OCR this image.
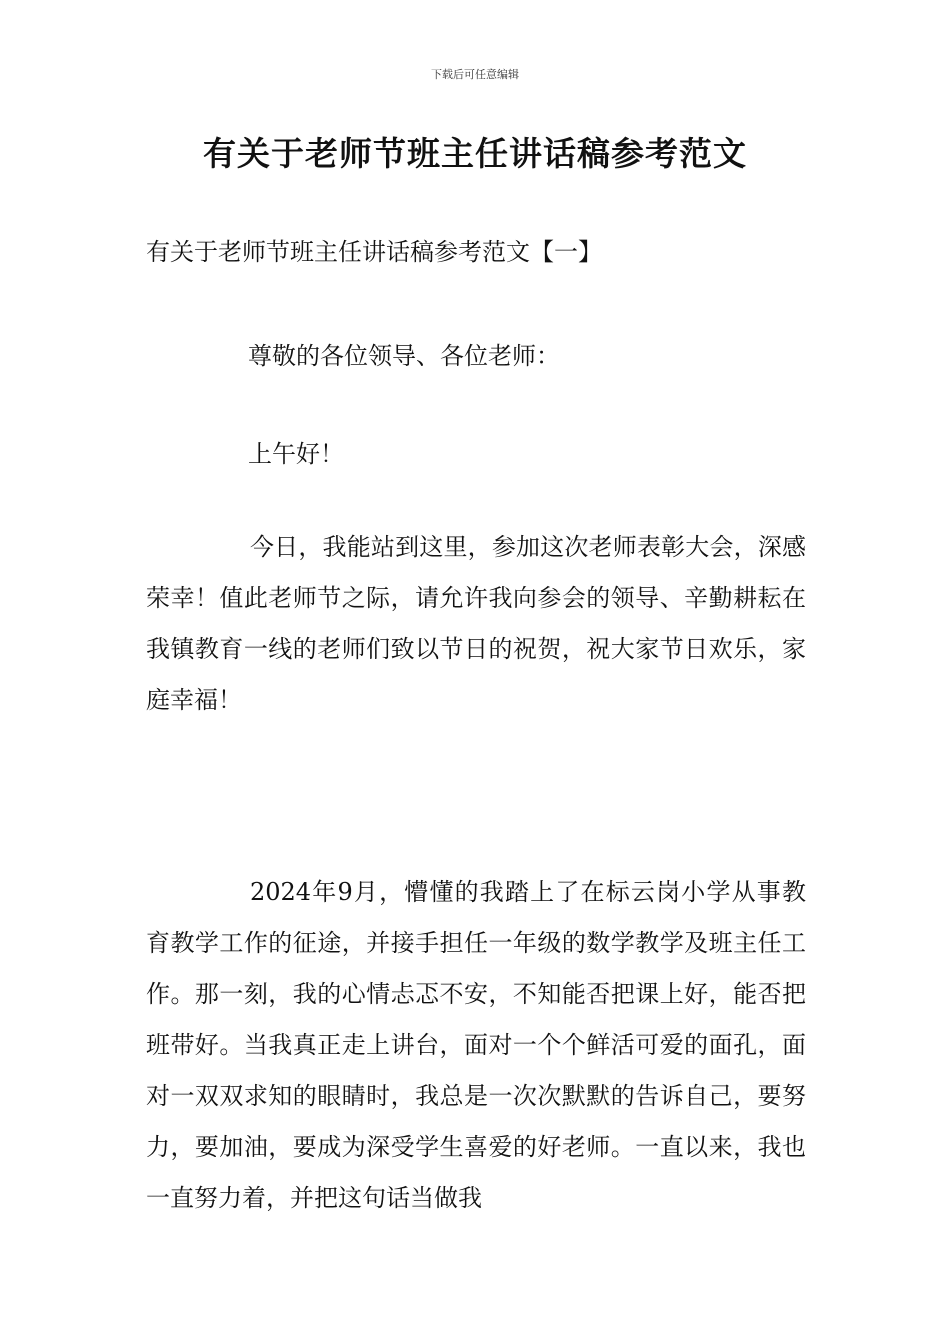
下载后可任意编辑
有关于老师节班主任讲话稿参考范文
有关于老师节班主任讲话稿参考范文【一】

尊敬的各位领导、各位老师：

上午好！

今日，我能站到这里，参加这次老师表彰大会，深感荣幸！值此老师节之际，请允许我向参会的领导、辛勤耕耘在我镇教育一线的老师们致以节日的祝贺，祝大家节日欢乐，家庭幸福！

2024年9月，懵懂的我踏上了在标云岗小学从事教育教学工作的征途，并接手担任一年级的数学教学及班主任工作。那一刻，我的心情忐忑不安，不知能否把课上好，能否把班带好。当我真正走上讲台，面对一个个鲜活可爱的面孔，面对一双双求知的眼睛时，我总是一次次默默的告诉自己，要努力，要加油，要成为深受学生喜爱的好老师。一直以来，我也一直努力着，并把这句话当做我
